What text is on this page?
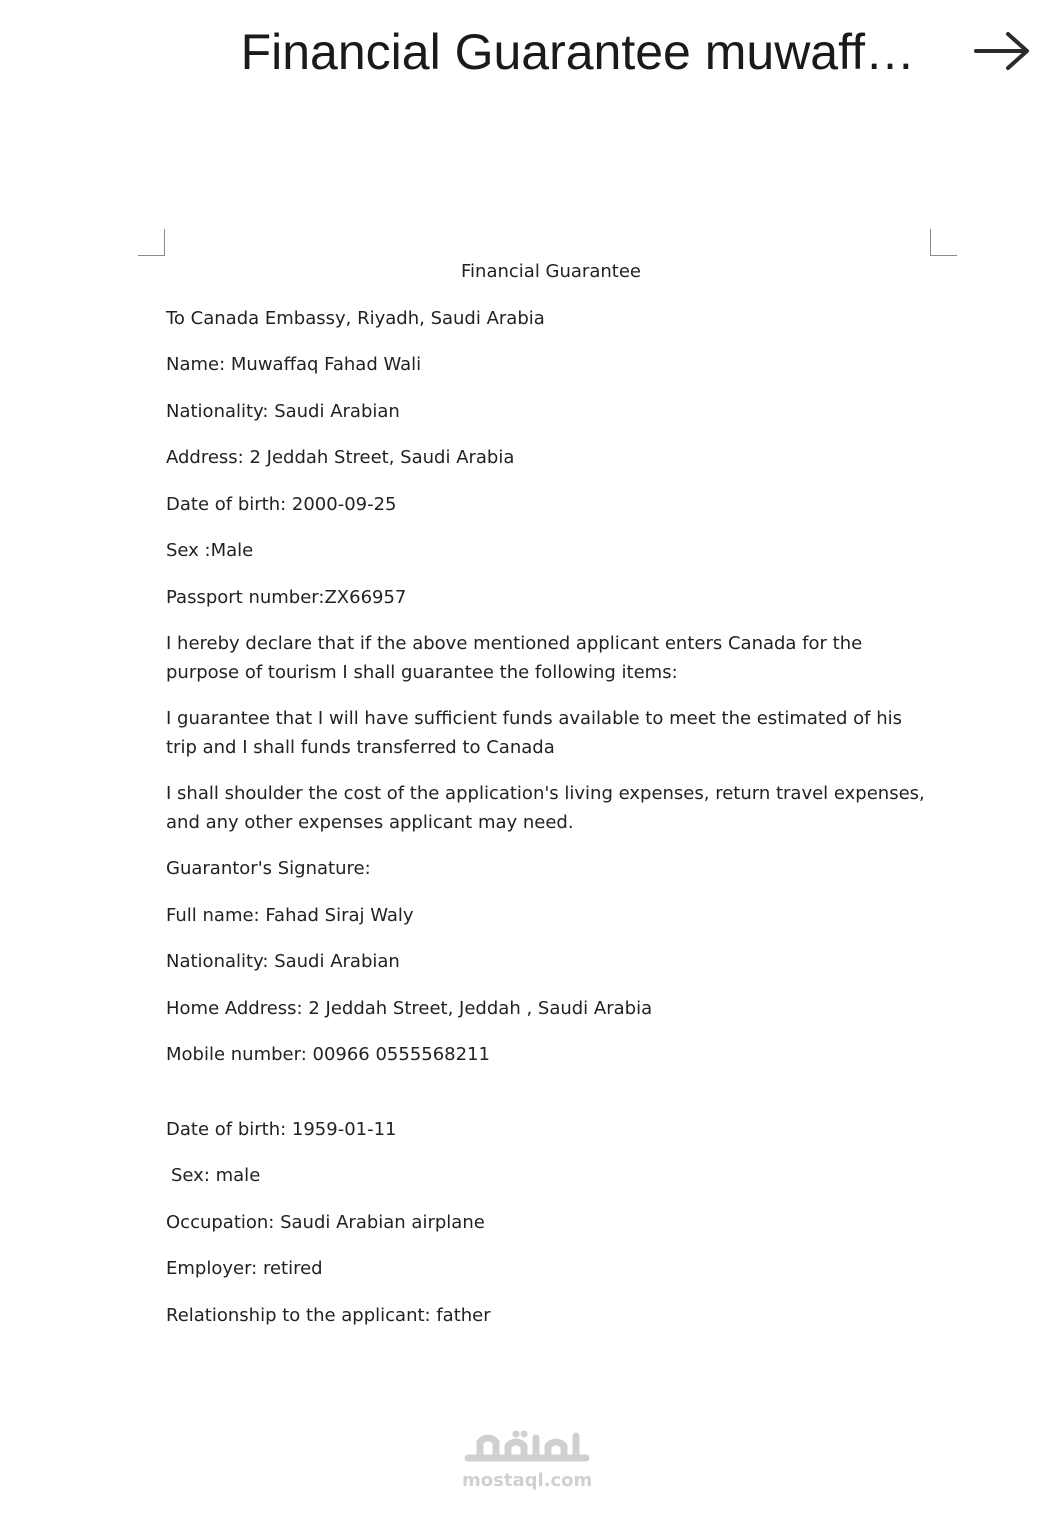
Financial Guarantee muwaff…

Financial Guarantee

To Canada Embassy, Riyadh, Saudi Arabia

Name: Muwaffaq Fahad Wali

Nationality: Saudi Arabian

Address: 2 Jeddah Street, Saudi Arabia

Date of birth: 2000-09-25

Sex :Male

Passport number:ZX66957

I hereby declare that if the above mentioned applicant enters Canada for the purpose of tourism I shall guarantee the following items:

I guarantee that I will have sufficient funds available to meet the estimated of his trip and I shall funds transferred to Canada

I shall shoulder the cost of the application's living expenses, return travel expenses, and any other expenses applicant may need.

Guarantor's Signature:

Full name: Fahad Siraj Waly

Nationality: Saudi Arabian

Home Address: 2 Jeddah Street, Jeddah , Saudi Arabia

Mobile number: 00966 0555568211

Date of birth: 1959-01-11

Sex: male

Occupation: Saudi Arabian airplane

Employer: retired

Relationship to the applicant: father

mostaql.com
